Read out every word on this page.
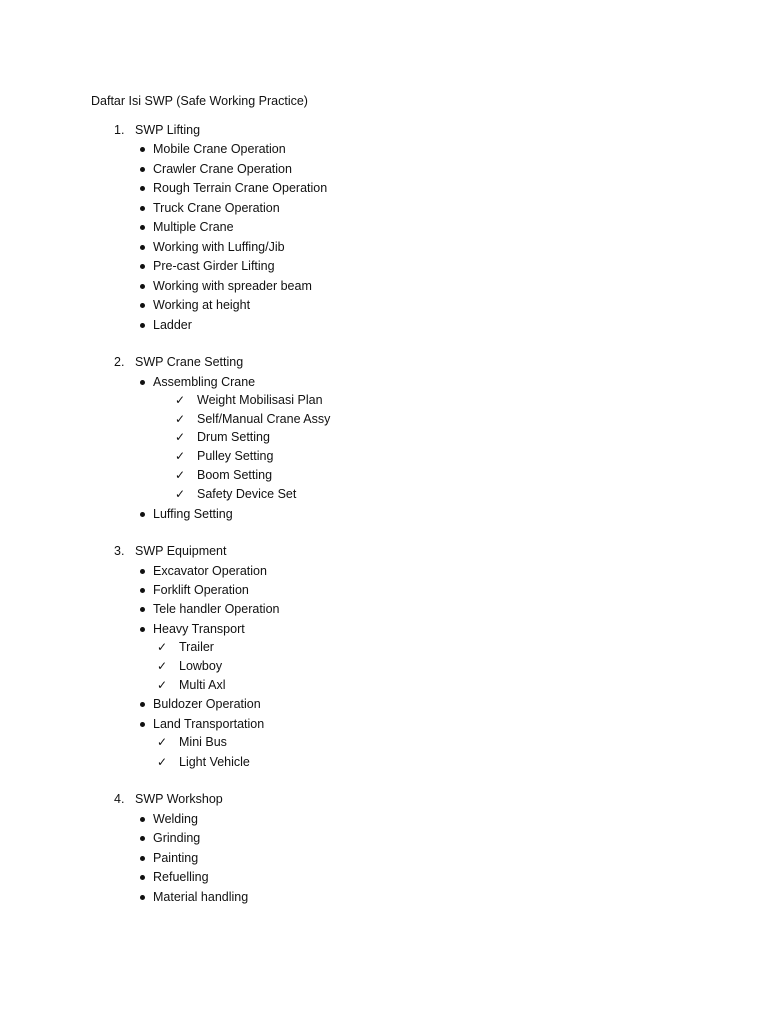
Daftar Isi SWP (Safe Working Practice)
1. SWP Lifting
Mobile Crane Operation
Crawler Crane Operation
Rough Terrain Crane Operation
Truck Crane Operation
Multiple Crane
Working with Luffing/Jib
Pre-cast Girder Lifting
Working with spreader beam
Working at height
Ladder
2. SWP Crane Setting
Assembling Crane
✓ Weight Mobilisasi Plan
✓ Self/Manual Crane Assy
✓ Drum Setting
✓ Pulley Setting
✓ Boom Setting
✓ Safety Device Set
Luffing Setting
3. SWP Equipment
Excavator Operation
Forklift Operation
Tele handler Operation
Heavy Transport
✓ Trailer
✓ Lowboy
✓ Multi Axl
Buldozer Operation
Land Transportation
✓ Mini Bus
✓ Light Vehicle
4. SWP Workshop
Welding
Grinding
Painting
Refuelling
Material handling
